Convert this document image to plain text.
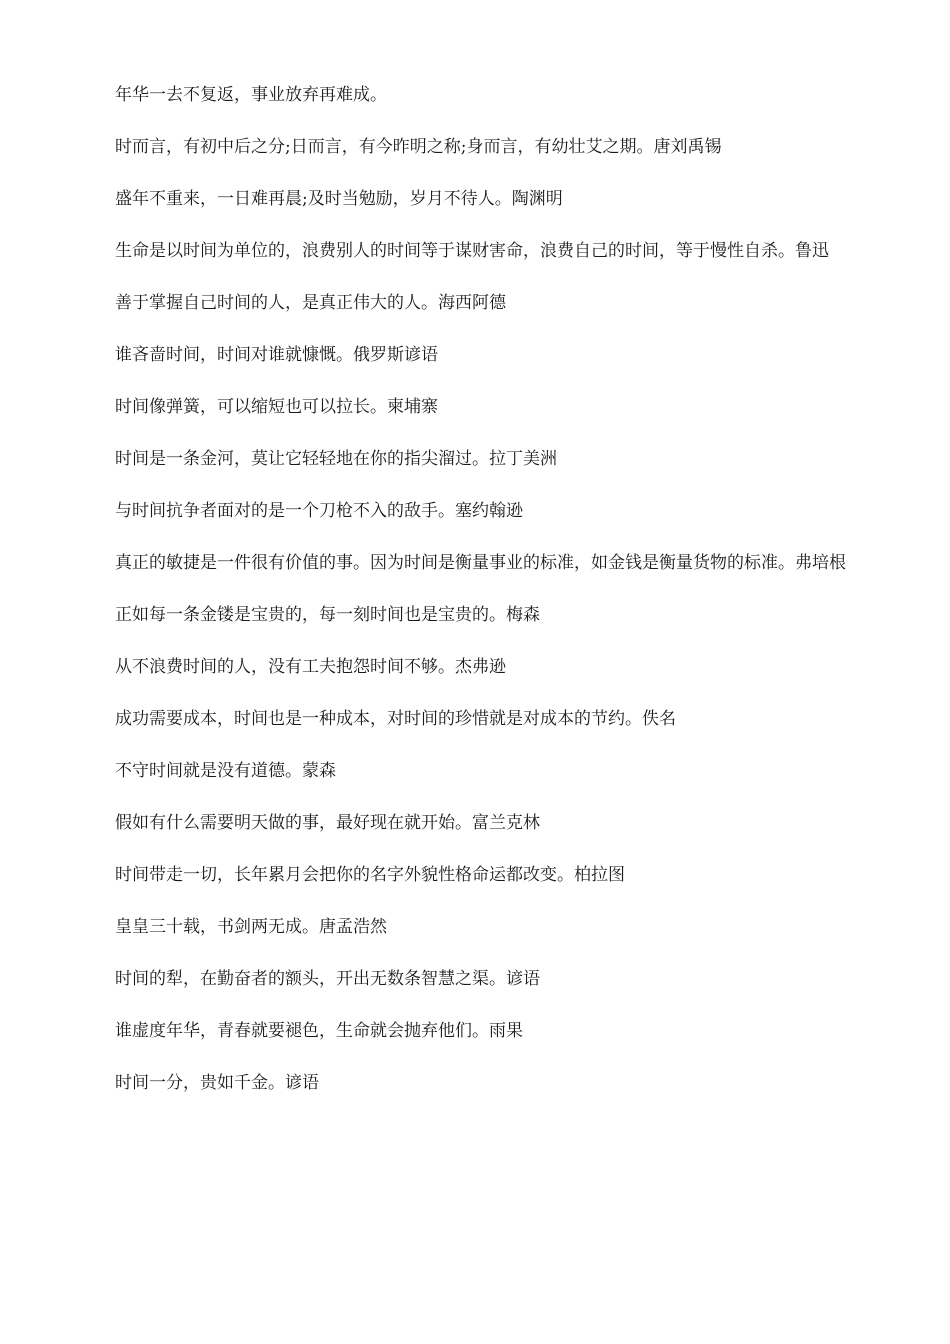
年华一去不复返，事业放弃再难成。

时而言，有初中后之分;日而言，有今昨明之称;身而言，有幼壮艾之期。唐刘禹锡

盛年不重来，一日难再晨;及时当勉励，岁月不待人。陶渊明

生命是以时间为单位的，浪费别人的时间等于谋财害命，浪费自己的时间，等于慢性自杀。鲁迅

善于掌握自己时间的人，是真正伟大的人。海西阿德

谁吝啬时间，时间对谁就慷慨。俄罗斯谚语

时间像弹簧，可以缩短也可以拉长。柬埔寨

时间是一条金河，莫让它轻轻地在你的指尖溜过。拉丁美洲

与时间抗争者面对的是一个刀枪不入的敌手。塞约翰逊

真正的敏捷是一件很有价值的事。因为时间是衡量事业的标准，如金钱是衡量货物的标准。弗培根

正如每一条金镂是宝贵的，每一刻时间也是宝贵的。梅森

从不浪费时间的人，没有工夫抱怨时间不够。杰弗逊

成功需要成本，时间也是一种成本，对时间的珍惜就是对成本的节约。佚名

不守时间就是没有道德。蒙森

假如有什么需要明天做的事，最好现在就开始。富兰克林

时间带走一切，长年累月会把你的名字外貌性格命运都改变。柏拉图

皇皇三十载，书剑两无成。唐孟浩然

时间的犁，在勤奋者的额头，开出无数条智慧之渠。谚语

谁虚度年华，青春就要褪色，生命就会抛弃他们。雨果

时间一分，贵如千金。谚语
